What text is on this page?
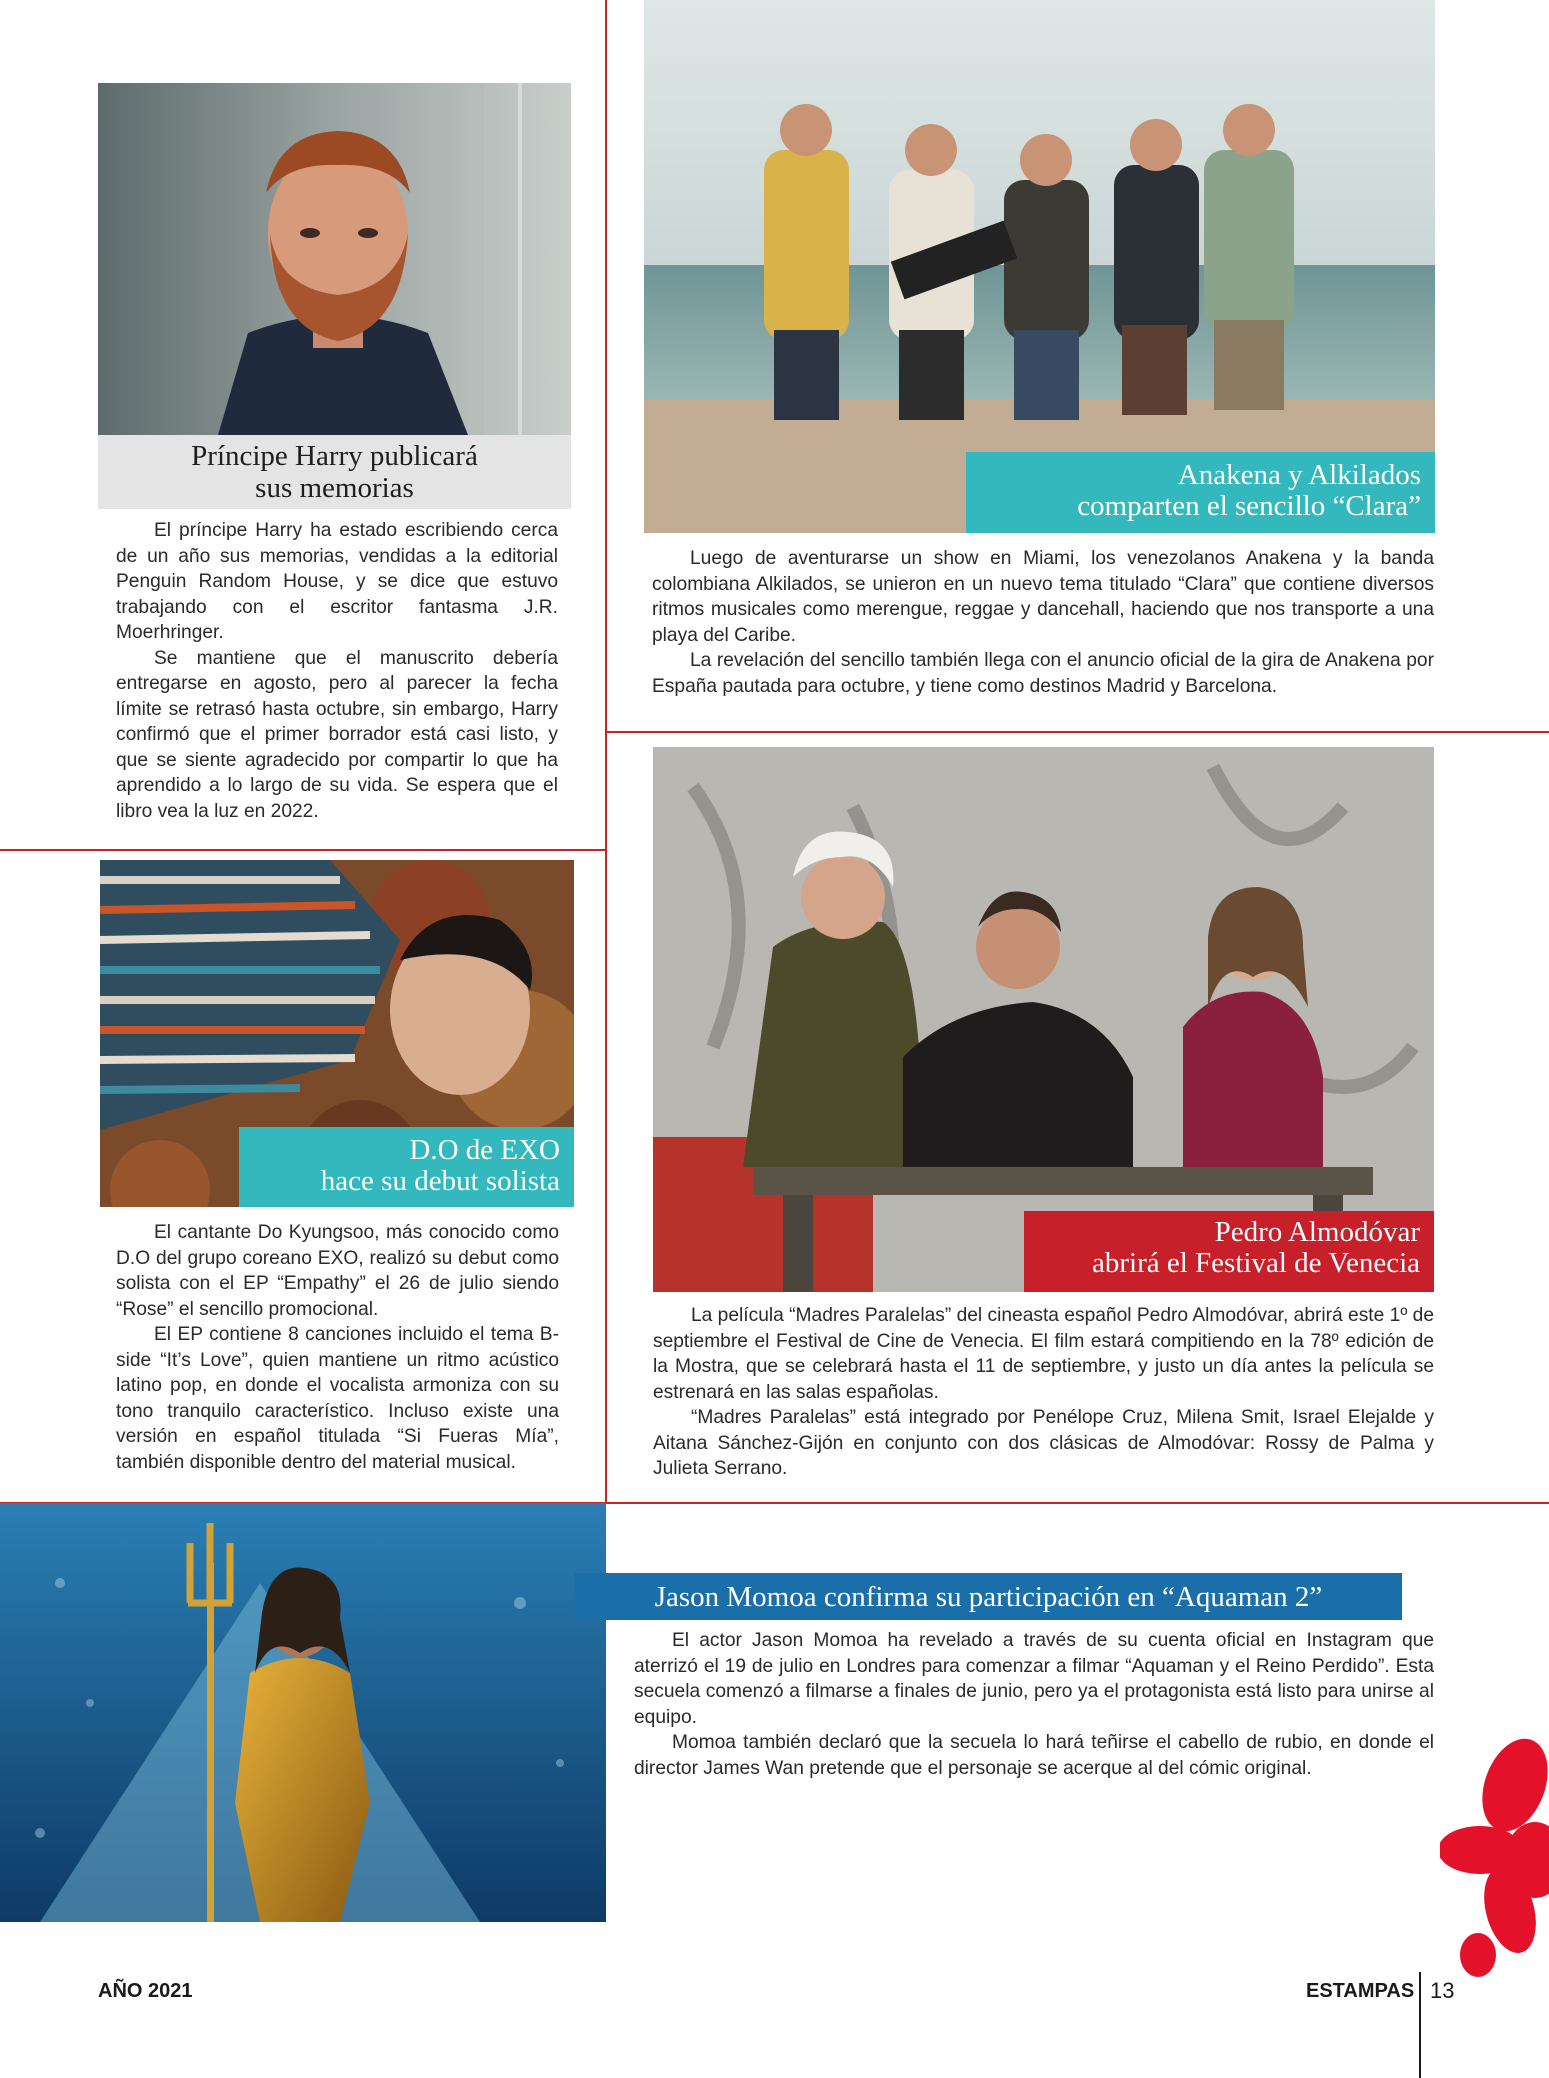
Príncipe Harry publicará
sus memorias

El príncipe Harry ha estado escribiendo cerca de un año sus memorias, vendidas a la editorial Penguin Random House, y se dice que estuvo trabajando con el escritor fantasma J.R. Moerhringer.

Se mantiene que el manuscrito debería entregarse en agosto, pero al parecer la fecha límite se retrasó hasta octubre, sin embargo, Harry confirmó que el primer borrador está casi listo, y que se siente agradecido por compartir lo que ha aprendido a lo largo de su vida. Se espera que el libro vea la luz en 2022.

Anakena y Alkilados
comparten el sencillo “Clara”

Luego de aventurarse un show en Miami, los venezolanos Anakena y la banda colombiana Alkilados, se unieron en un nuevo tema titulado “Clara” que contiene diversos ritmos musicales como merengue, reggae y dancehall, haciendo que nos transporte a una playa del Caribe.

La revelación del sencillo también llega con el anuncio oficial de la gira de Anakena por España pautada para octubre, y tiene como destinos Madrid y Barcelona.

D.O de EXO
hace su debut solista

El cantante Do Kyungsoo, más conocido como D.O del grupo coreano EXO, realizó su debut como solista con el EP “Empathy” el 26 de julio siendo “Rose” el sencillo promocional.

El EP contiene 8 canciones incluido el tema B-side “It’s Love”, quien mantiene un ritmo acústico latino pop, en donde el vocalista armoniza con su tono tranquilo característico. Incluso existe una versión en español titulada “Si Fueras Mía”, también disponible dentro del material musical.

Pedro Almodóvar
abrirá el Festival de Venecia

La película “Madres Paralelas” del cineasta español Pedro Almodóvar, abrirá este 1º de septiembre el Festival de Cine de Venecia. El film estará compitiendo en la 78º edición de la Mostra, que se celebrará hasta el 11 de septiembre, y justo un día antes la película se estrenará en las salas españolas.

“Madres Paralelas” está integrado por Penélope Cruz, Milena Smit, Israel Elejalde y Aitana Sánchez-Gijón en conjunto con dos clásicas de Almodóvar: Rossy de Palma y Julieta Serrano.

Jason Momoa confirma su participación en “Aquaman 2”

El actor Jason Momoa ha revelado a través de su cuenta oficial en Instagram que aterrizó el 19 de julio en Londres para comenzar a filmar “Aquaman y el Reino Perdido”. Esta secuela comenzó a filmarse a finales de junio, pero ya el protagonista está listo para unirse al equipo.

Momoa también declaró que la secuela lo hará teñirse el cabello de rubio, en donde el director James Wan pretende que el personaje se acerque al del cómic original.

AÑO 2021	ESTAMPAS 13
